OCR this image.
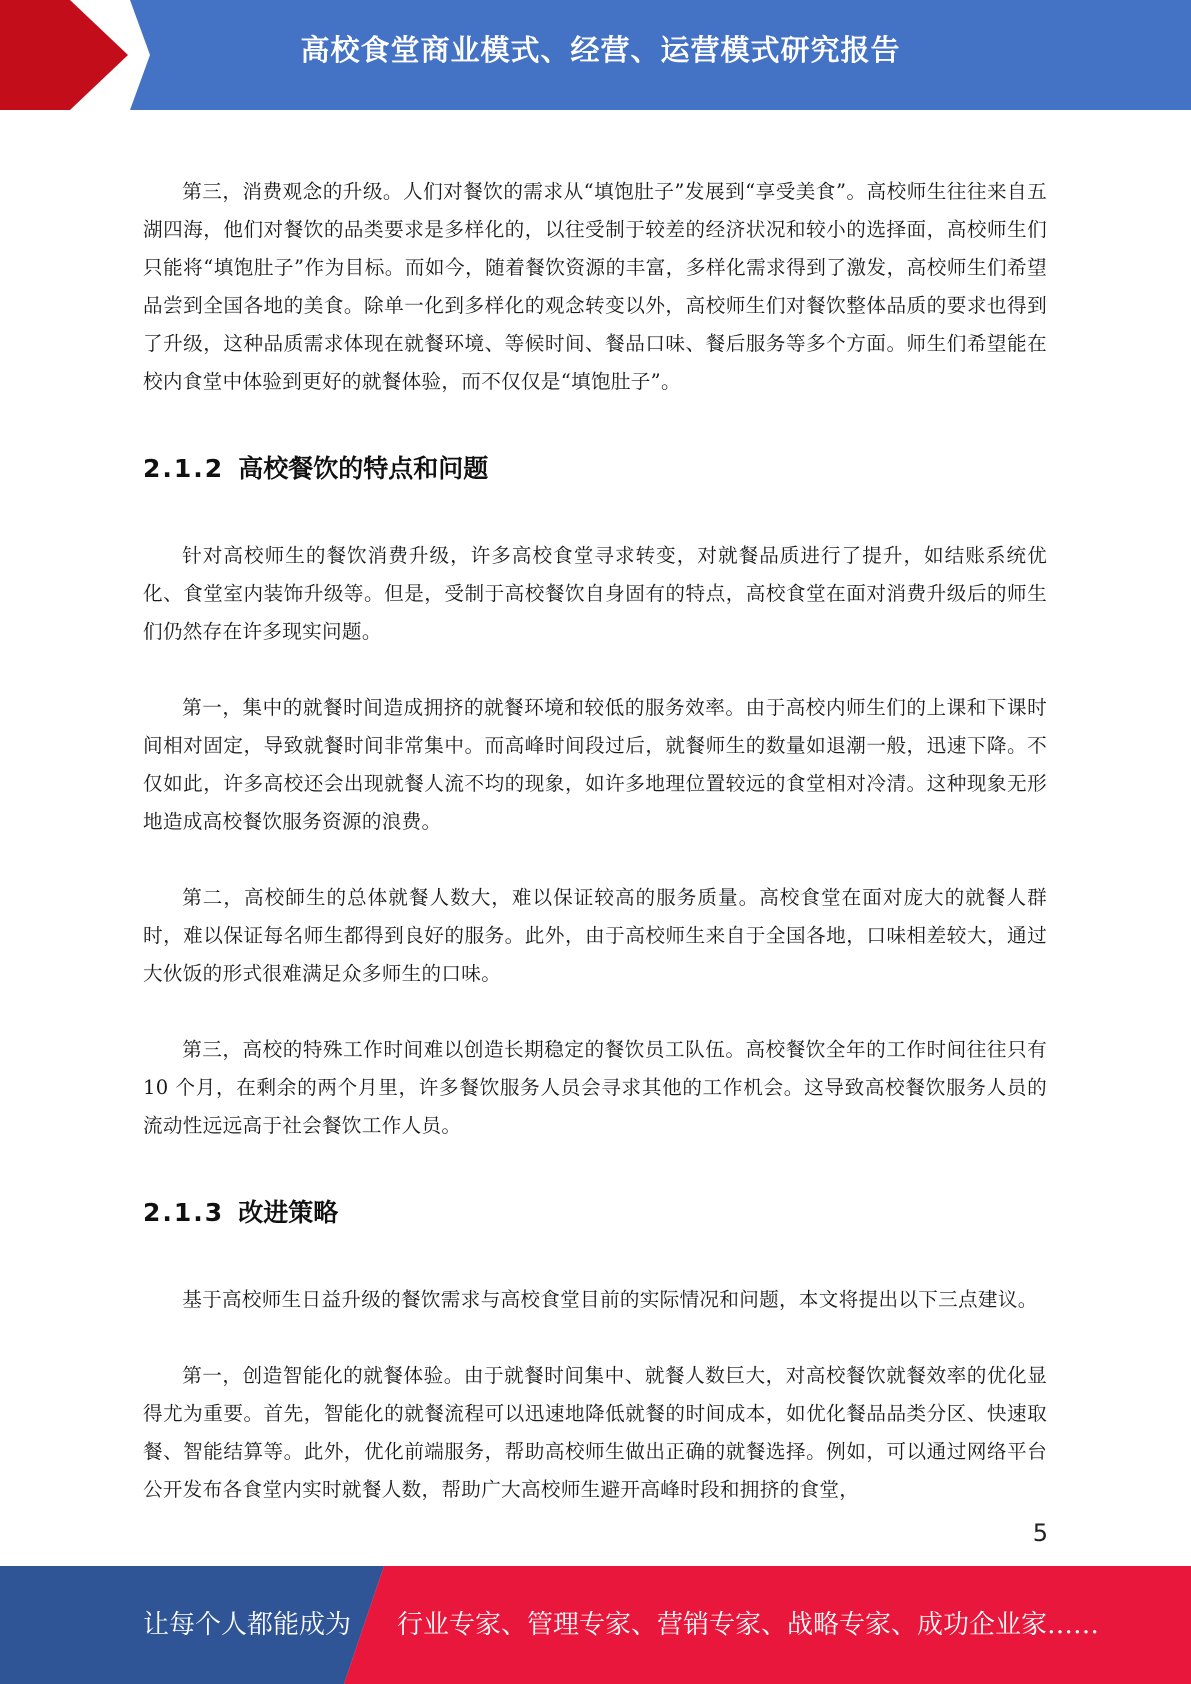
高校食堂商业模式、经营、运营模式研究报告

第三，消费观念的升级。人们对餐饮的需求从“填饱肚子”发展到“享受美食”。高校师生往往来自五湖四海，他们对餐饮的品类要求是多样化的，以往受制于较差的经济状况和较小的选择面，高校师生们只能将“填饱肚子”作为目标。而如今，随着餐饮资源的丰富，多样化需求得到了激发，高校师生们希望品尝到全国各地的美食。除单一化到多样化的观念转变以外，高校师生们对餐饮整体品质的要求也得到了升级，这种品质需求体现在就餐环境、等候时间、餐品口味、餐后服务等多个方面。师生们希望能在校内食堂中体验到更好的就餐体验，而不仅仅是“填饱肚子”。

2.1.2 高校餐饮的特点和问题

针对高校师生的餐饮消费升级，许多高校食堂寻求转变，对就餐品质进行了提升，如结账系统优化、食堂室内装饰升级等。但是，受制于高校餐饮自身固有的特点，高校食堂在面对消费升级后的师生们仍然存在许多现实问题。

第一，集中的就餐时间造成拥挤的就餐环境和较低的服务效率。由于高校内师生们的上课和下课时间相对固定，导致就餐时间非常集中。而高峰时间段过后，就餐师生的数量如退潮一般，迅速下降。不仅如此，许多高校还会出现就餐人流不均的现象，如许多地理位置较远的食堂相对冷清。这种现象无形地造成高校餐饮服务资源的浪费。

第二，高校師生的总体就餐人数大，难以保证较高的服务质量。高校食堂在面对庞大的就餐人群时，难以保证每名师生都得到良好的服务。此外，由于高校师生来自于全国各地，口味相差较大，通过大伙饭的形式很难满足众多师生的口味。

第三，高校的特殊工作时间难以创造长期稳定的餐饮员工队伍。高校餐饮全年的工作时间往往只有 10 个月，在剩余的两个月里，许多餐饮服务人员会寻求其他的工作机会。这导致高校餐饮服务人员的流动性远远高于社会餐饮工作人员。

2.1.3 改进策略

基于高校师生日益升级的餐饮需求与高校食堂目前的实际情况和问题，本文将提出以下三点建议。

第一，创造智能化的就餐体验。由于就餐时间集中、就餐人数巨大，对高校餐饮就餐效率的优化显得尤为重要。首先，智能化的就餐流程可以迅速地降低就餐的时间成本，如优化餐品品类分区、快速取餐、智能结算等。此外，优化前端服务，帮助高校师生做出正确的就餐选择。例如，可以通过网络平台公开发布各食堂内实时就餐人数，帮助广大高校师生避开高峰时段和拥挤的食堂，

5
让每个人都能成为 行业专家、管理专家、营销专家、战略专家、成功企业家……
